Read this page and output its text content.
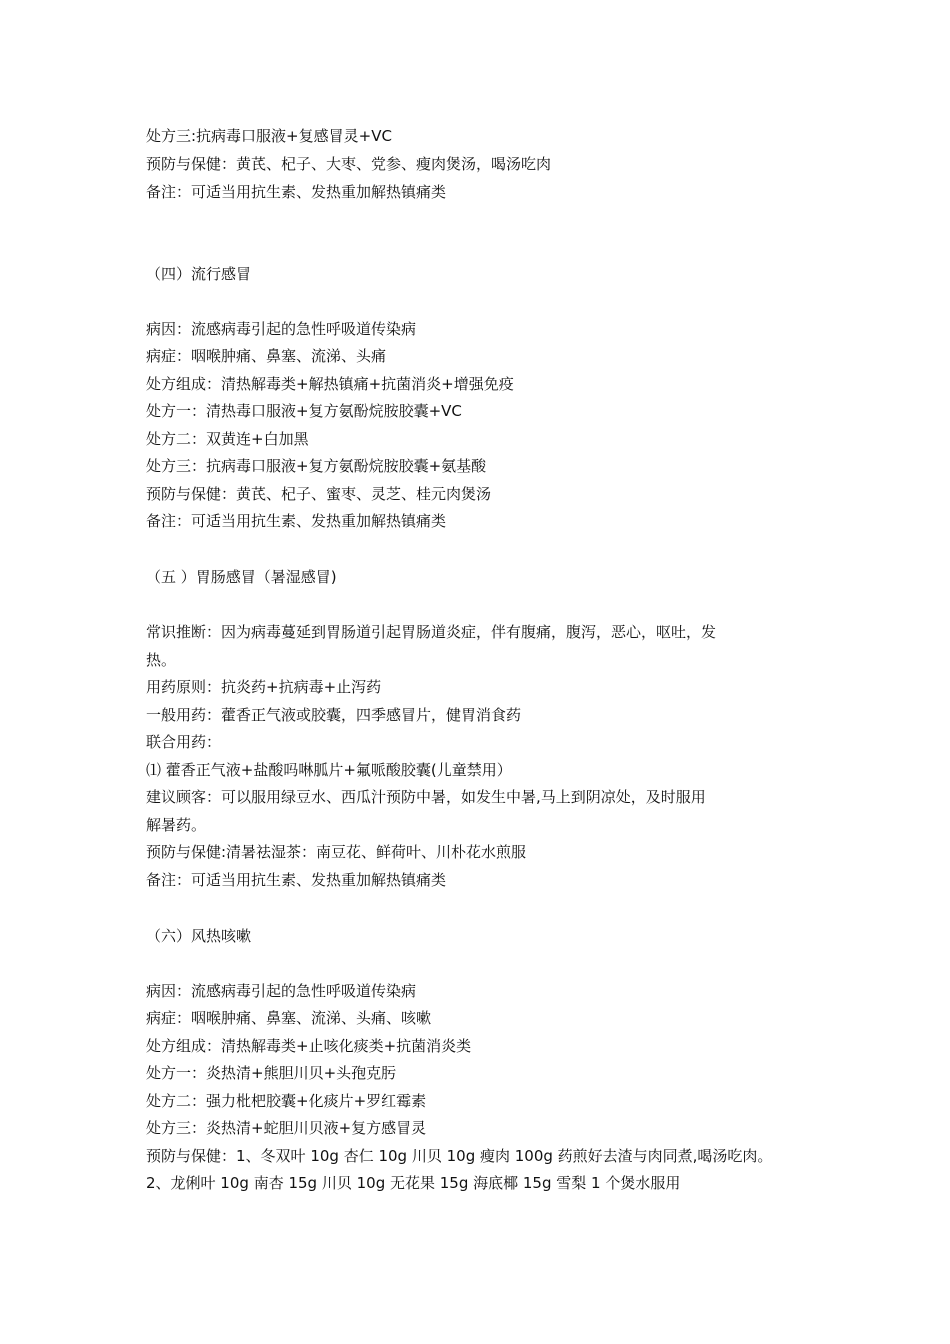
处方三:抗病毒口服液+复感冒灵+VC
预防与保健：黄芪、杞子、大枣、党参、瘦肉煲汤，喝汤吃肉
备注：可适当用抗生素、发热重加解热镇痛类
（四）流行感冒
病因：流感病毒引起的急性呼吸道传染病
病症：咽喉肿痛、鼻塞、流涕、头痛
处方组成：清热解毒类+解热镇痛+抗菌消炎+增强免疫
处方一：清热毒口服液+复方氨酚烷胺胶囊+VC
处方二：双黄连+白加黑
处方三：抗病毒口服液+复方氨酚烷胺胶囊+氨基酸
预防与保健：黄芪、杞子、蜜枣、灵芝、桂元肉煲汤
备注：可适当用抗生素、发热重加解热镇痛类
（五 ）胃肠感冒（暑湿感冒)
常识推断：因为病毒蔓延到胃肠道引起胃肠道炎症，伴有腹痛，腹泻，恶心，呕吐，发
热。
用药原则：抗炎药+抗病毒+止泻药
一般用药：藿香正气液或胶囊，四季感冒片，健胃消食药
联合用药：
⑴ 藿香正气液+盐酸吗啉胍片+氟哌酸胶囊(儿童禁用）
建议顾客：可以服用绿豆水、西瓜汁预防中暑，如发生中暑,马上到阴凉处，及时服用
解暑药。
预防与保健:清暑祛湿茶：南豆花、鲜荷叶、川朴花水煎服
备注：可适当用抗生素、发热重加解热镇痛类
（六）风热咳嗽
病因：流感病毒引起的急性呼吸道传染病
病症：咽喉肿痛、鼻塞、流涕、头痛、咳嗽
处方组成：清热解毒类+止咳化痰类+抗菌消炎类
处方一：炎热清+熊胆川贝+头孢克肟
处方二：强力枇杷胶囊+化痰片+罗红霉素
处方三：炎热清+蛇胆川贝液+复方感冒灵
预防与保健：1、冬双叶 10g 杏仁 10g 川贝 10g 瘦肉 100g 药煎好去渣与肉同煮,喝汤吃肉。
2、龙俐叶 10g 南杏 15g 川贝 10g 无花果 15g 海底椰 15g 雪梨 1 个煲水服用
